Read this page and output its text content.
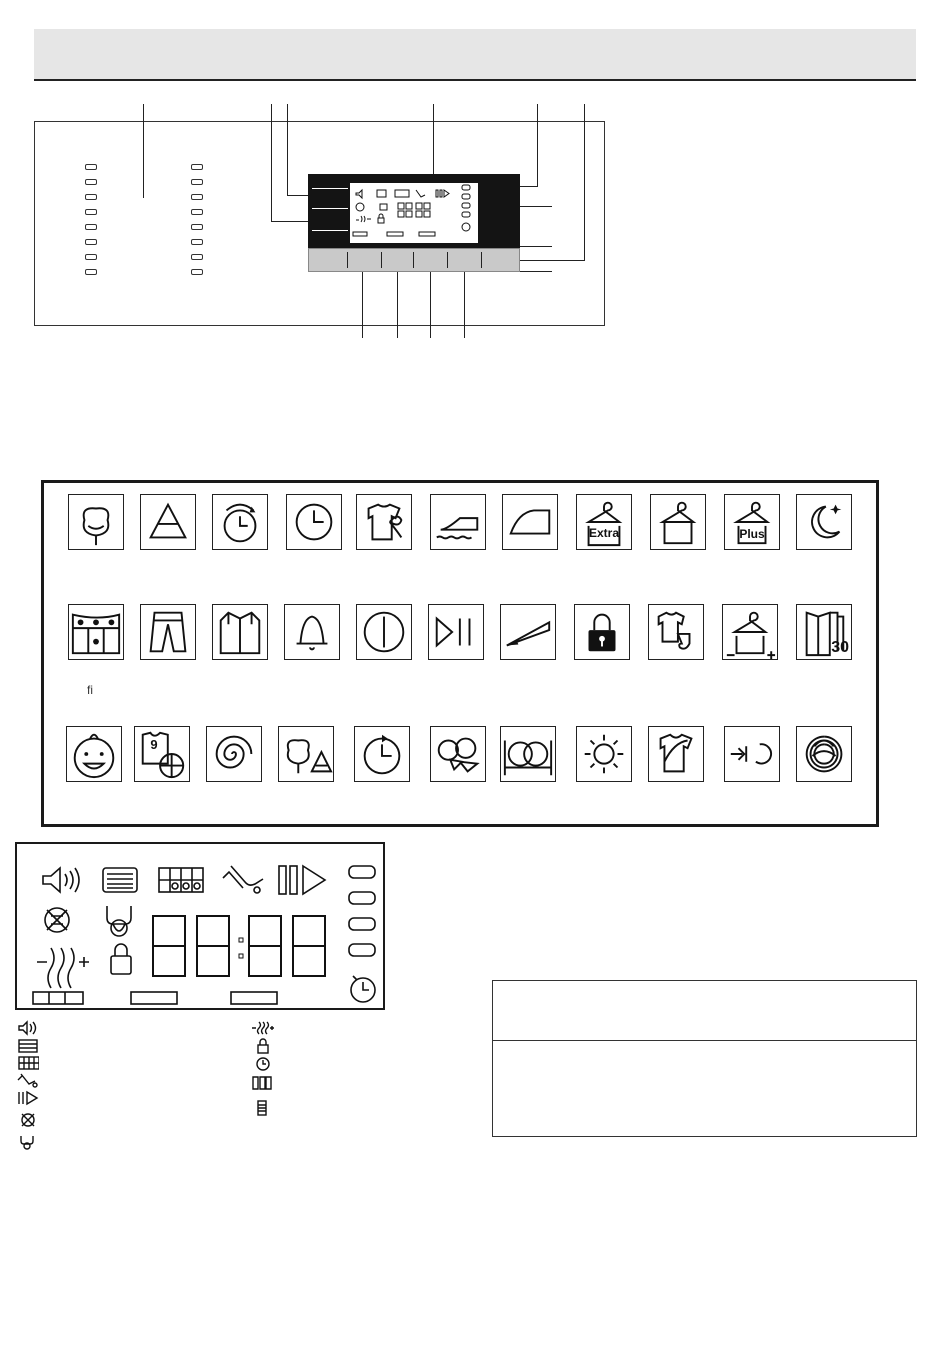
Extra	Plus
30
9
ﬁ
